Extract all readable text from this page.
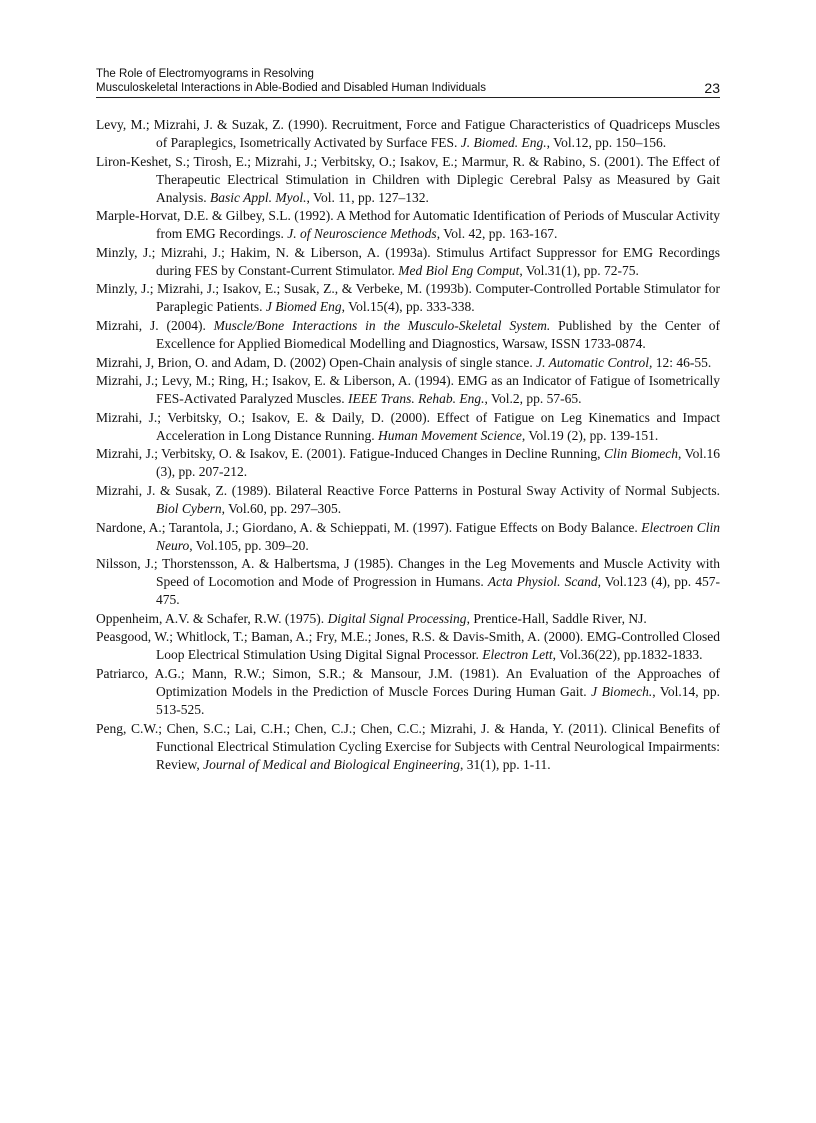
The Role of Electromyograms in Resolving
Musculoskeletal Interactions in Able-Bodied and Disabled Human Individuals	23

Levy, M.; Mizrahi, J. & Suzak, Z. (1990). Recruitment, Force and Fatigue Characteristics of Quadriceps Muscles of Paraplegics, Isometrically Activated by Surface FES. J. Biomed. Eng., Vol.12, pp. 150–156.

Liron-Keshet, S.; Tirosh, E.; Mizrahi, J.; Verbitsky, O.; Isakov, E.; Marmur, R. & Rabino, S. (2001). The Effect of Therapeutic Electrical Stimulation in Children with Diplegic Cerebral Palsy as Measured by Gait Analysis. Basic Appl. Myol., Vol. 11, pp. 127–132.

Marple-Horvat, D.E. & Gilbey, S.L. (1992). A Method for Automatic Identification of Periods of Muscular Activity from EMG Recordings. J. of Neuroscience Methods, Vol. 42, pp. 163-167.

Minzly, J.; Mizrahi, J.; Hakim, N. & Liberson, A. (1993a). Stimulus Artifact Suppressor for EMG Recordings during FES by Constant-Current Stimulator. Med Biol Eng Comput, Vol.31(1), pp. 72-75.

Minzly, J.; Mizrahi, J.; Isakov, E.; Susak, Z., & Verbeke, M. (1993b). Computer-Controlled Portable Stimulator for Paraplegic Patients. J Biomed Eng, Vol.15(4), pp. 333-338.

Mizrahi, J. (2004). Muscle/Bone Interactions in the Musculo-Skeletal System. Published by the Center of Excellence for Applied Biomedical Modelling and Diagnostics, Warsaw, ISSN 1733-0874.

Mizrahi, J, Brion, O. and Adam, D. (2002) Open-Chain analysis of single stance. J. Automatic Control, 12: 46-55.

Mizrahi, J.; Levy, M.; Ring, H.; Isakov, E. & Liberson, A. (1994). EMG as an Indicator of Fatigue of Isometrically FES-Activated Paralyzed Muscles. IEEE Trans. Rehab. Eng., Vol.2, pp. 57-65.

Mizrahi, J.; Verbitsky, O.; Isakov, E. & Daily, D. (2000). Effect of Fatigue on Leg Kinematics and Impact Acceleration in Long Distance Running. Human Movement Science, Vol.19 (2), pp. 139-151.

Mizrahi, J.; Verbitsky, O. & Isakov, E. (2001). Fatigue-Induced Changes in Decline Running, Clin Biomech, Vol.16 (3), pp. 207-212.

Mizrahi, J. & Susak, Z. (1989). Bilateral Reactive Force Patterns in Postural Sway Activity of Normal Subjects. Biol Cybern, Vol.60, pp. 297–305.

Nardone, A.; Tarantola, J.; Giordano, A. & Schieppati, M. (1997). Fatigue Effects on Body Balance. Electroen Clin Neuro, Vol.105, pp. 309–20.

Nilsson, J.; Thorstensson, A. & Halbertsma, J (1985). Changes in the Leg Movements and Muscle Activity with Speed of Locomotion and Mode of Progression in Humans. Acta Physiol. Scand, Vol.123 (4), pp. 457-475.

Oppenheim, A.V. & Schafer, R.W. (1975). Digital Signal Processing, Prentice-Hall, Saddle River, NJ.

Peasgood, W.; Whitlock, T.; Baman, A.; Fry, M.E.; Jones, R.S. & Davis-Smith, A. (2000). EMG-Controlled Closed Loop Electrical Stimulation Using Digital Signal Processor. Electron Lett, Vol.36(22), pp.1832-1833.

Patriarco, A.G.; Mann, R.W.; Simon, S.R.; & Mansour, J.M. (1981). An Evaluation of the Approaches of Optimization Models in the Prediction of Muscle Forces During Human Gait. J Biomech., Vol.14, pp. 513-525.

Peng, C.W.; Chen, S.C.; Lai, C.H.; Chen, C.J.; Chen, C.C.; Mizrahi, J. & Handa, Y. (2011). Clinical Benefits of Functional Electrical Stimulation Cycling Exercise for Subjects with Central Neurological Impairments: Review, Journal of Medical and Biological Engineering, 31(1), pp. 1-11.
